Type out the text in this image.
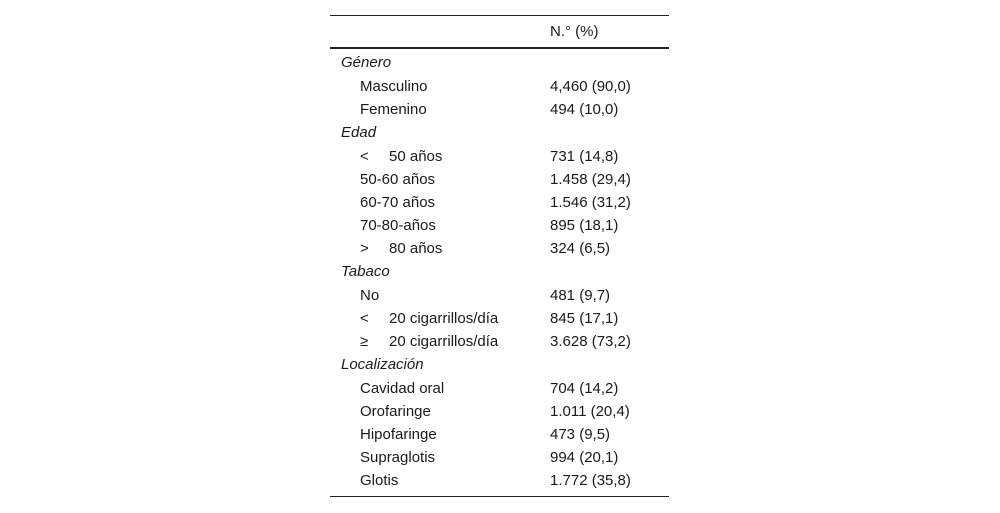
N.° (%)
Género
Masculino	4,460 (90,0)
Femenino	494 (10,0)
Edad
< 50 años	731 (14,8)
50-60 años	1.458 (29,4)
60-70 años	1.546 (31,2)
70-80-años	895 (18,1)
> 80 años	324 (6,5)
Tabaco
No	481 (9,7)
< 20 cigarrillos/día	845 (17,1)
≥ 20 cigarrillos/día	3.628 (73,2)
Localización
Cavidad oral	704 (14,2)
Orofaringe	1.011 (20,4)
Hipofaringe	473 (9,5)
Supraglotis	994 (20,1)
Glotis	1.772 (35,8)
